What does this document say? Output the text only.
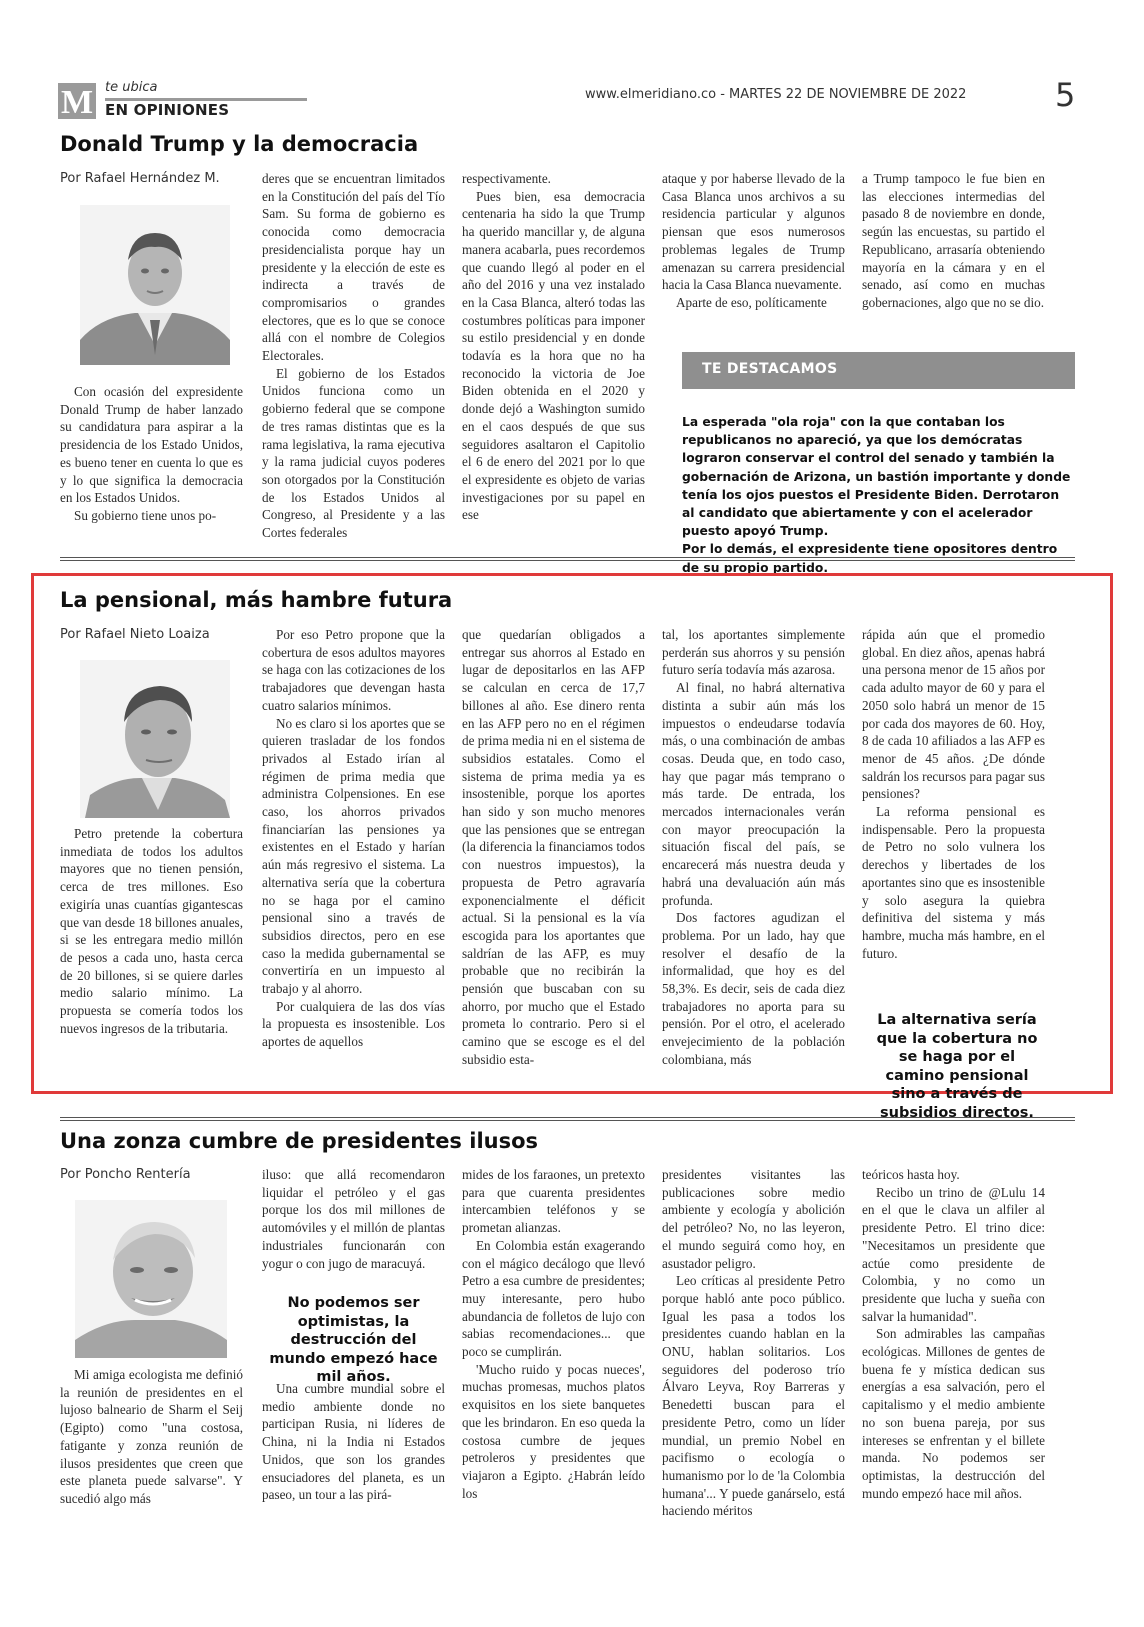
M te ubica
EN OPINIONES
www.elmeridiano.co - MARTES 22 DE NOVIEMBRE DE 2022	5
Donald Trump y la democracia
Por Rafael Hernández M.

Con ocasión del expresidente Donald Trump de haber lanzado su candidatura para aspirar a la presidencia de los Estado Unidos, es bueno tener en cuenta lo que es y lo que significa la democracia en los Estados Unidos.

Su gobierno tiene unos po-

deres que se encuentran limitados en la Constitución del país del Tío Sam. Su forma de gobierno es conocida como democracia presidencialista porque hay un presidente y la elección de este es indirecta a través de compromisarios o grandes electores, que es lo que se conoce allá con el nombre de Colegios Electorales.

El gobierno de los Estados Unidos funciona como un gobierno federal que se compone de tres ramas distintas que es la rama legislativa, la rama ejecutiva y la rama judicial cuyos poderes son otorgados por la Constitución de los Estados Unidos al Congreso, al Presidente y a las Cortes federales

respectivamente.

Pues bien, esa democracia centenaria ha sido la que Trump ha querido mancillar y, de alguna manera acabarla, pues recordemos que cuando llegó al poder en el año del 2016 y una vez instalado en la Casa Blanca, alteró todas las costumbres políticas para imponer su estilo presidencial y en donde todavía es la hora que no ha reconocido la victoria de Joe Biden obtenida en el 2020 y donde dejó a Washington sumido en el caos después de que sus seguidores asaltaron el Capitolio el 6 de enero del 2021 por lo que el expresidente es objeto de varias investigaciones por su papel en ese

ataque y por haberse llevado de la Casa Blanca unos archivos a su residencia particular y algunos piensan que esos numerosos problemas legales de Trump amenazan su carrera presidencial hacia la Casa Blanca nuevamente.

Aparte de eso, políticamente

a Trump tampoco le fue bien en las elecciones intermedias del pasado 8 de noviembre en donde, según las encuestas, su partido el Republicano, arrasaría obteniendo mayoría en la cámara y en el senado, así como en muchas gobernaciones, algo que no se dio.

TE DESTACAMOS

La esperada "ola roja" con la que contaban los republicanos no apareció, ya que los demócratas lograron conservar el control del senado y también la gobernación de Arizona, un bastión importante y donde tenía los ojos puestos el Presidente Biden. Derrotaron al candidato que abiertamente y con el acelerador puesto apoyó Trump.

Por lo demás, el expresidente tiene opositores dentro de su propio partido.

La pensional, más hambre futura
Por Rafael Nieto Loaiza

Petro pretende la cobertura inmediata de todos los adultos mayores que no tienen pensión, cerca de tres millones. Eso exigiría unas cuantías gigantescas que van desde 18 billones anuales, si se les entregara medio millón de pesos a cada uno, hasta cerca de 20 billones, si se quiere darles medio salario mínimo. La propuesta se comería todos los nuevos ingresos de la tributaria.

Por eso Petro propone que la cobertura de esos adultos mayores se haga con las cotizaciones de los trabajadores que devengan hasta cuatro salarios mínimos.

No es claro si los aportes que se quieren trasladar de los fondos privados al Estado irían al régimen de prima media que administra Colpensiones. En ese caso, los ahorros privados financiarían las pensiones ya existentes en el Estado y harían aún más regresivo el sistema. La alternativa sería que la cobertura no se haga por el camino pensional sino a través de subsidios directos, pero en ese caso la medida gubernamental se convertiría en un impuesto al trabajo y al ahorro.

Por cualquiera de las dos vías la propuesta es insostenible. Los aportes de aquellos

que quedarían obligados a entregar sus ahorros al Estado en lugar de depositarlos en las AFP se calculan en cerca de 17,7 billones al año. Ese dinero renta en las AFP pero no en el régimen de prima media ni en el sistema de subsidios estatales. Como el sistema de prima media ya es insostenible, porque los aportes han sido y son mucho menores que las pensiones que se entregan (la diferencia la financiamos todos con nuestros impuestos), la propuesta de Petro agravaría exponencialmente el déficit actual. Si la pensional es la vía escogida para los aportantes que saldrían de las AFP, es muy probable que no recibirán la pensión que buscaban con su ahorro, por mucho que el Estado prometa lo contrario. Pero si el camino que se escoge es el del subsidio esta-

tal, los aportantes simplemente perderán sus ahorros y su pensión futuro sería todavía más azarosa.

Al final, no habrá alternativa distinta a subir aún más los impuestos o endeudarse todavía más, o una combinación de ambas cosas. Deuda que, en todo caso, hay que pagar más temprano o más tarde. De entrada, los mercados internacionales verán con mayor preocupación la situación fiscal del país, se encarecerá más nuestra deuda y habrá una devaluación aún más profunda.

Dos factores agudizan el problema. Por un lado, hay que resolver el desafío de la informalidad, que hoy es del 58,3%. Es decir, seis de cada diez trabajadores no aporta para su pensión. Por el otro, el acelerado envejecimiento de la población colombiana, más

rápida aún que el promedio global. En diez años, apenas habrá una persona menor de 15 años por cada adulto mayor de 60 y para el 2050 solo habrá un menor de 15 por cada dos mayores de 60. Hoy, 8 de cada 10 afiliados a las AFP es menor de 45 años. ¿De dónde saldrán los recursos para pagar sus pensiones?

La reforma pensional es indispensable. Pero la propuesta de Petro no solo vulnera los derechos y libertades de los aportantes sino que es insostenible y solo asegura la quiebra definitiva del sistema y más hambre, mucha más hambre, en el futuro.

La alternativa sería que la cobertura no se haga por el camino pensional sino a través de subsidios directos.
Una zonza cumbre de presidentes ilusos
Por Poncho Rentería

Mi amiga ecologista me definió la reunión de presidentes en el lujoso balneario de Sharm el Seij (Egipto) como "una costosa, fatigante y zonza reunión de ilusos presidentes que creen que este planeta puede salvarse". Y sucedió algo más

iluso: que allá recomendaron liquidar el petróleo y el gas porque los dos mil millones de automóviles y el millón de plantas industriales funcionarán con yogur o con jugo de maracuyá.

No podemos ser optimistas, la destrucción del mundo empezó hace mil años.

Una cumbre mundial sobre el medio ambiente donde no participan Rusia, ni líderes de China, ni la India ni Estados Unidos, que son los grandes ensuciadores del planeta, es un paseo, un tour a las pirá-

mides de los faraones, un pretexto para que cuarenta presidentes intercambien teléfonos y se prometan alianzas.

En Colombia están exagerando con el mágico decálogo que llevó Petro a esa cumbre de presidentes; muy interesante, pero hubo abundancia de folletos de lujo con sabias recomendaciones... que poco se cumplirán.

'Mucho ruido y pocas nueces', muchas promesas, muchos platos exquisitos en los siete banquetes que les brindaron. En eso queda la costosa cumbre de jeques petroleros y presidentes que viajaron a Egipto. ¿Habrán leído los

presidentes visitantes las publicaciones sobre medio ambiente y ecología y abolición del petróleo? No, no las leyeron, el mundo seguirá como hoy, en asustador peligro.

Leo críticas al presidente Petro porque habló ante poco público. Igual les pasa a todos los presidentes cuando hablan en la ONU, hablan solitarios. Los seguidores del poderoso trío Álvaro Leyva, Roy Barreras y Benedetti buscan para el presidente Petro, como un líder mundial, un premio Nobel en pacifismo o ecología o humanismo por lo de 'la Colombia humana'... Y puede ganárselo, está haciendo méritos

teóricos hasta hoy.

Recibo un trino de @Lulu 14 en el que le clava un alfiler al presidente Petro. El trino dice: "Necesitamos un presidente que actúe como presidente de Colombia, y no como un presidente que lucha y sueña con salvar la humanidad".

Son admirables las campañas ecológicas. Millones de gentes de buena fe y mística dedican sus energías a esa salvación, pero el capitalismo y el medio ambiente no son buena pareja, por sus intereses se enfrentan y el billete manda. No podemos ser optimistas, la destrucción del mundo empezó hace mil años.
